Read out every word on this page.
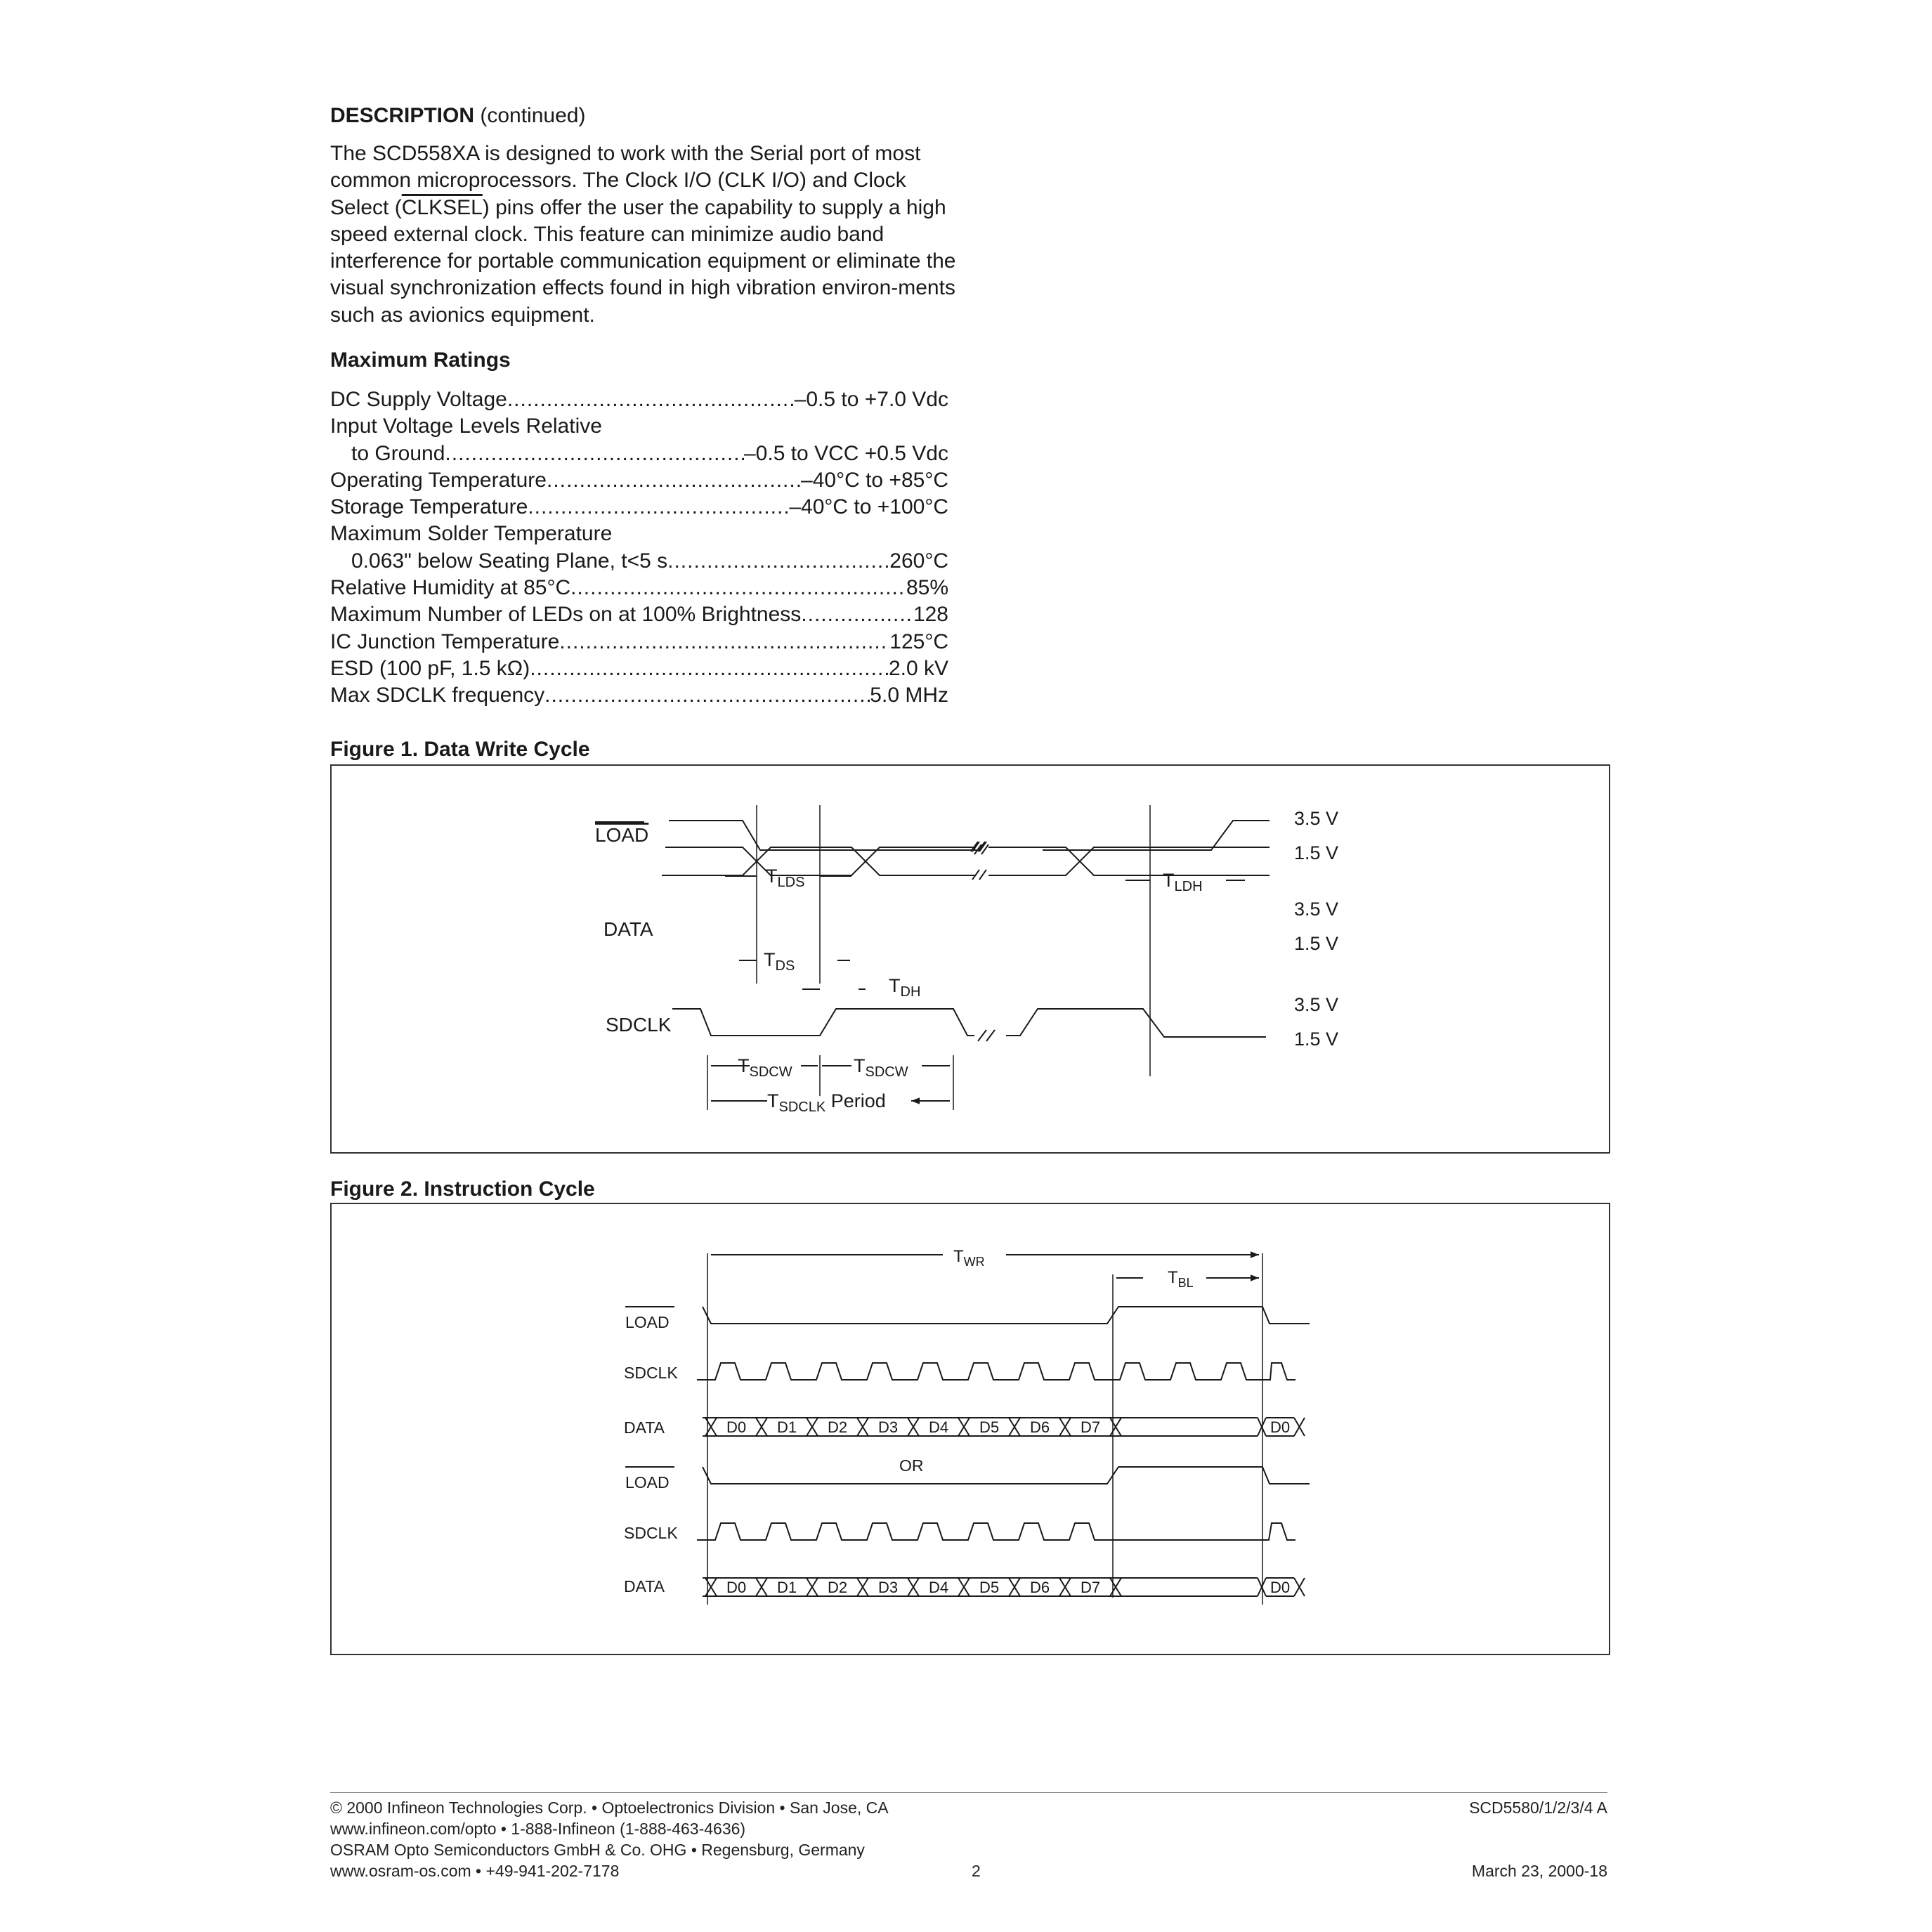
DESCRIPTION (continued)
The SCD558XA is designed to work with the Serial port of most common microprocessors. The Clock I/O (CLK I/O) and Clock Select (CLKSEL) pins offer the user the capability to supply a high speed external clock. This feature can minimize audio band interference for portable communication equipment or eliminate the visual synchronization effects found in high vibration environ-ments such as avionics equipment.
Maximum Ratings
DC Supply Voltage .....	–0.5 to +7.0 Vdc
Input Voltage Levels Relative
to Ground .....	–0.5 to VCC +0.5 Vdc
Operating Temperature .....	–40°C to +85°C
Storage Temperature .....	–40°C to +100°C
Maximum Solder Temperature
0.063" below Seating Plane, t<5 s .....	260°C
Relative Humidity at 85°C .....	85%
Maximum Number of LEDs on at 100% Brightness .....	128
IC Junction Temperature .....	125°C
ESD (100 pF, 1.5 kΩ) .....	2.0 kV
Max SDCLK frequency .....	5.0 MHz
Figure 1. Data Write Cycle
LOAD
DATA
SDCLK
3.5 V
1.5 V
3.5 V
1.5 V
3.5 V
1.5 V
$T_{LDS}$	$T_{LDH}$
$T_{DS}$
$T_{DH}$
$T_{SDCW}$	$T_{SDCW}$
$T_{SDCLK}$ Period
Figure 2. Instruction Cycle
$T_{WR}$
$T_{BL}$
LOAD
SDCLK
DATA
OR
LOAD
SDCLK
DATA
D0 D1 D2 D3 D4 D5 D6 D7	D0
D0 D1 D2 D3 D4 D5 D6 D7	D0
© 2000 Infineon Technologies Corp. • Optoelectronics Division • San Jose, CA
www.infineon.com/opto • 1-888-Infineon (1-888-463-4636)
OSRAM Opto Semiconductors GmbH & Co. OHG • Regensburg, Germany
www.osram-os.com • +49-941-202-7178	2
SCD5580/1/2/3/4 A
March 23, 2000-18
